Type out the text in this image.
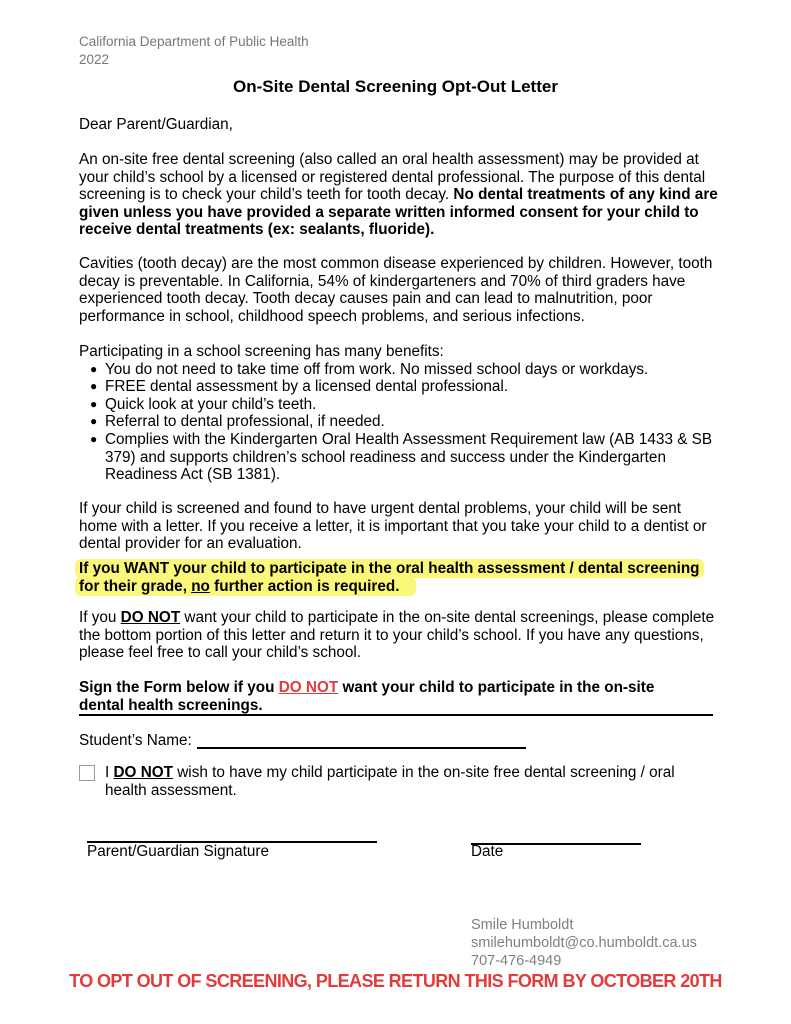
California Department of Public Health
2022
On-Site Dental Screening Opt-Out Letter
Dear Parent/Guardian,

An on-site free dental screening (also called an oral health assessment) may be provided at your child’s school by a licensed or registered dental professional. The purpose of this dental screening is to check your child’s teeth for tooth decay. No dental treatments of any kind are given unless you have provided a separate written informed consent for your child to receive dental treatments (ex: sealants, fluoride).

Cavities (tooth decay) are the most common disease experienced by children. However, tooth decay is preventable. In California, 54% of kindergarteners and 70% of third graders have experienced tooth decay. Tooth decay causes pain and can lead to malnutrition, poor performance in school, childhood speech problems, and serious infections.

Participating in a school screening has many benefits:
● You do not need to take time off from work. No missed school days or workdays.
● FREE dental assessment by a licensed dental professional.
● Quick look at your child’s teeth.
● Referral to dental professional, if needed.
● Complies with the Kindergarten Oral Health Assessment Requirement law (AB 1433 & SB 379) and supports children’s school readiness and success under the Kindergarten Readiness Act (SB 1381).

If your child is screened and found to have urgent dental problems, your child will be sent home with a letter. If you receive a letter, it is important that you take your child to a dentist or dental provider for an evaluation.

If you WANT your child to participate in the oral health assessment / dental screening
for their grade, no further action is required.

If you DO NOT want your child to participate in the on-site dental screenings, please complete the bottom portion of this letter and return it to your child’s school. If you have any questions, please feel free to call your child’s school.

Sign the Form below if you DO NOT want your child to participate in the on-site dental health screenings.

Student’s Name:

I DO NOT wish to have my child participate in the on-site free dental screening / oral health assessment.

Parent/Guardian Signature	Date
Smile Humboldt
smilehumboldt@co.humboldt.ca.us
707-476-4949
TO OPT OUT OF SCREENING, PLEASE RETURN THIS FORM BY OCTOBER 20TH
